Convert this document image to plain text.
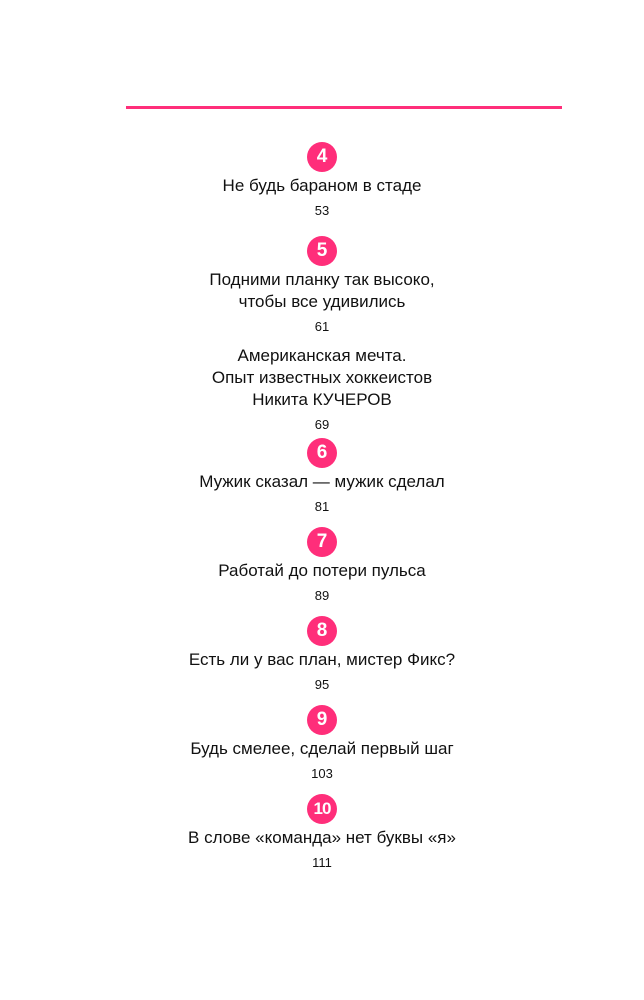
4
Не будь бараном в стаде
53
5
Подними планку так высоко,
чтобы все удивились
61
Американская мечта.
Опыт известных хоккеистов
Никита КУЧЕРОВ
69
6
Мужик сказал — мужик сделал
81
7
Работай до потери пульса
89
8
Есть ли у вас план, мистер Фикс?
95
9
Будь смелее, сделай первый шаг
103
10
В слове «команда» нет буквы «я»
111
